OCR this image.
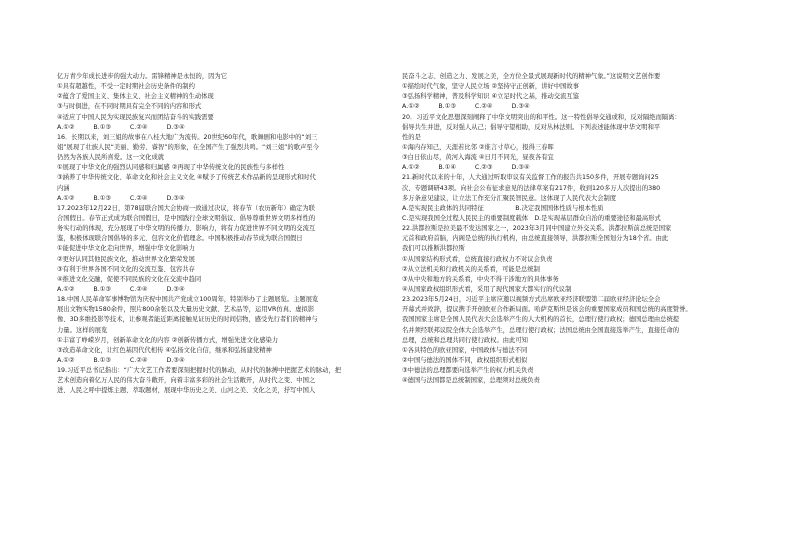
亿万青少年成长进步的强大动力。雷锋精神是永恒的，因为它
①具有超越性，不受一定时期社会历史条件的制约
②蕴含了爱国主义、集体主义、社会主义精神的生动体现
③与时俱进，在不同时期具有完全不同的内容和形式
④适应了中国人民为实现民族复兴而团结奋斗的实践需要
A.①②　　　B.①③　　　C.②④　　　D.③④
16．长期以来，刘三姐的故事在八桂大地广为流传。20世纪60年代，歌舞剧和电影中的“刘三
姐”展现了壮族人民“美丽、勤劳、睿智”的形象，在全国产生了强烈共鸣。“刘三姐”的歌声至今
仍然为各族人民所喜爱。这一文化成就
①展现了中华文化的强烈认同感和归属感 ②再现了中华传统文化的民族性与多样性
③涵养了中华传统文化、革命文化和社会主义文化 ④赋予了传统艺术作品新的呈现形式和时代
内涵
A.①②　　　B.①③　　　C.②④　　　D.③④
17.2023年12月22日，第78届联合国大会协商一致通过决议，将春节（农历新年）确定为联
合国假日。春节正式成为联合国假日，是中国践行全球文明倡议、倡导尊重世界文明多样性的
务实行动的体现，充分展现了中华文明的传播力、影响力，将有力促进世界不同文明的交流互
鉴，积极体现联合国倡导的多元、包容文化价值理念。中国积极推动春节成为联合国假日
①能促进中华文化走向世界，增强中华文化影响力
②更好认同其他民族文化，推动世界文化繁荣发展
③有利于世界各国不同文化的交流互鉴、包容共存
④推进文化交融，促使不同民族的文化在交流中趋同
A.①②　　　B.①③　　　C.②④　　　D.③④
18.中国人民革命军事博物馆为庆祝中国共产党成立100周年，特别举办了主题展览。主题展览
展出文物实物1580余件，照片800余张以及大量历史文献、艺术品等，运用VR仿真、虚拟影
像、3D多维投影等技术，让参观者能近距离接触见证历史的时间信物，感受先行者们的精神与
力量。这样的展览
①丰富了峥嵘岁月，创新革命文化的内容 ②创新传播方式，增强先进文化感染力
③改造革命文化，让红色基因代代相传 ④弘扬文化自信，继承和弘扬建党精神
A.①②　　　B.①③　　　C.②④　　　D.③④
19.习近平总书记指出：“广大文艺工作者要深刻把握时代的脉动，从时代的脉搏中把握艺术的脉动，把
艺术创造向着亿万人民的伟大奋斗敞开，向着丰富多彩的社会生活敞开，从时代之变、中国之
进、人民之呼中提炼主题、萃取题材，展现中华历史之美、山河之美、文化之美，抒写中国人
民奋斗之志、创造之力、发展之美，全方位全景式展现新时代的精神气象。”这说明文艺创作要
①描绘时代气象，坚守人民立场 ②坚持守正创新，讲好中国故事
③弘扬科学精神，普及科学知识 ④立足时代之基，推动交流互鉴
A.①②　　　B.①③　　　C.②④　　　D.③④
20．习近平文化思想深刻阐释了中华文明突出的和平性。这一特性倡导交通或和，反对隔绝而隔离：
倡导共生并进，反对强人从己；倡导守望相助，反对丛林法则。下列表述能体现中华文明和平
性的是
①海内存知己，天涯若比邻 ②谁言寸草心，报得三春晖
③白日依山尽，黄河入海流 ④日月不同光，昼夜各有宜
A.①②　　　B.①④　　　C.②③　　　D.③④
21.新时代以来的十年，人大通过听取审议有关监督工作的报告共150多件，开展专题询问25
次、专题调研43项。向社会公布征求意见的法律草案有217件，收到120多万人次提出的380
多万条意见建议，让立法工作充分汇聚民智民意。这体现了人民代表大会制度
A.是实现民主政体的共同特征　　　　　B.决定我国国体性质与根本性质
C.是实现我国全过程人民民主的重要制度载体　D.是实现基层群众自治的重要途径和最高形式
22.洪都拉斯是拉美最不发达国家之一，2023年3月同中国建立外交关系。洪都拉斯前总统是国家
元首和政府首脑，内阁是总统的执行机构，由总统直接领导，洪都拉斯全国划分为18个省。由此
我们可以推断洪都拉斯
①从国家结构形式看，总统直接行政权力不对议会负责
②从立法机关和行政机关的关系看，可能是总统制
③从中央和地方的关系看，中央不得干涉地方的具体事务
④从国家政权组织形式看，采用了现代国家大都实行的代议制
23.2023年5月24日，习近平主席应邀以视频方式出席欧亚经济联盟第二届欧亚经济论坛全会
开幕式并致辞，提议携手开创欧亚合作新局面。哈萨克斯坦是该会的重要国家成员和国总统的高度赞誉。
我国国家主席是全国人民代表大会选举产生的人大机构的首长，总理行使行政权；德国总理由总统提
名并须经联邦议院全体大会选举产生，总理行使行政权；法国总统由全国直接选举产生，直接任命的
总理，总统和总理共同行使行政权。由此可知
①各具特色的欧亚国家，中国政体与德法不同
②中国与德法的国体不同，政权组织形式相似
③中德法的总理都要向选举产生的权力机关负责
④德国与法国都是总统制国家，总理须对总统负责
